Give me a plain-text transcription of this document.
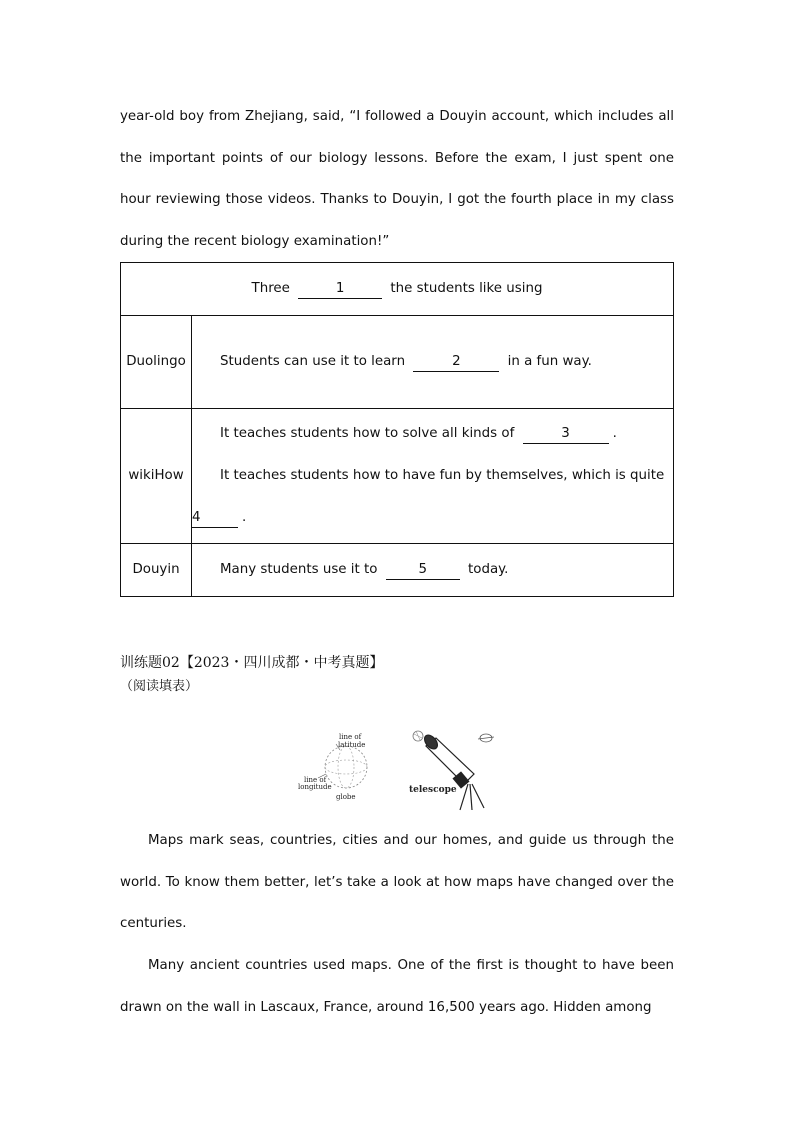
year-old boy from Zhejiang, said, “I followed a Douyin account, which includes all the important points of our biology lessons. Before the exam, I just spent one hour reviewing those videos. Thanks to Douyin, I got the fourth place in my class during the recent biology examination!”

Three 1 the students like using	
Duolingo	Students can use it to learn 2 in a fun way.

wikiHow	It teaches students how to solve all kinds of 3 .
It teaches students how to have fun by themselves, which is quite
4 .

Douyin	Many students use it to 5 today.
训练题02【2023・四川成都・中考真题】
（阅读填表）
line of
latitude
line of
longitude
globe
telescope

Maps mark seas, countries, cities and our homes, and guide us through the world. To know them better, let’s take a look at how maps have changed over the centuries.

Many ancient countries used maps. One of the first is thought to have been drawn on the wall in Lascaux, France, around 16,500 years ago. Hidden among
